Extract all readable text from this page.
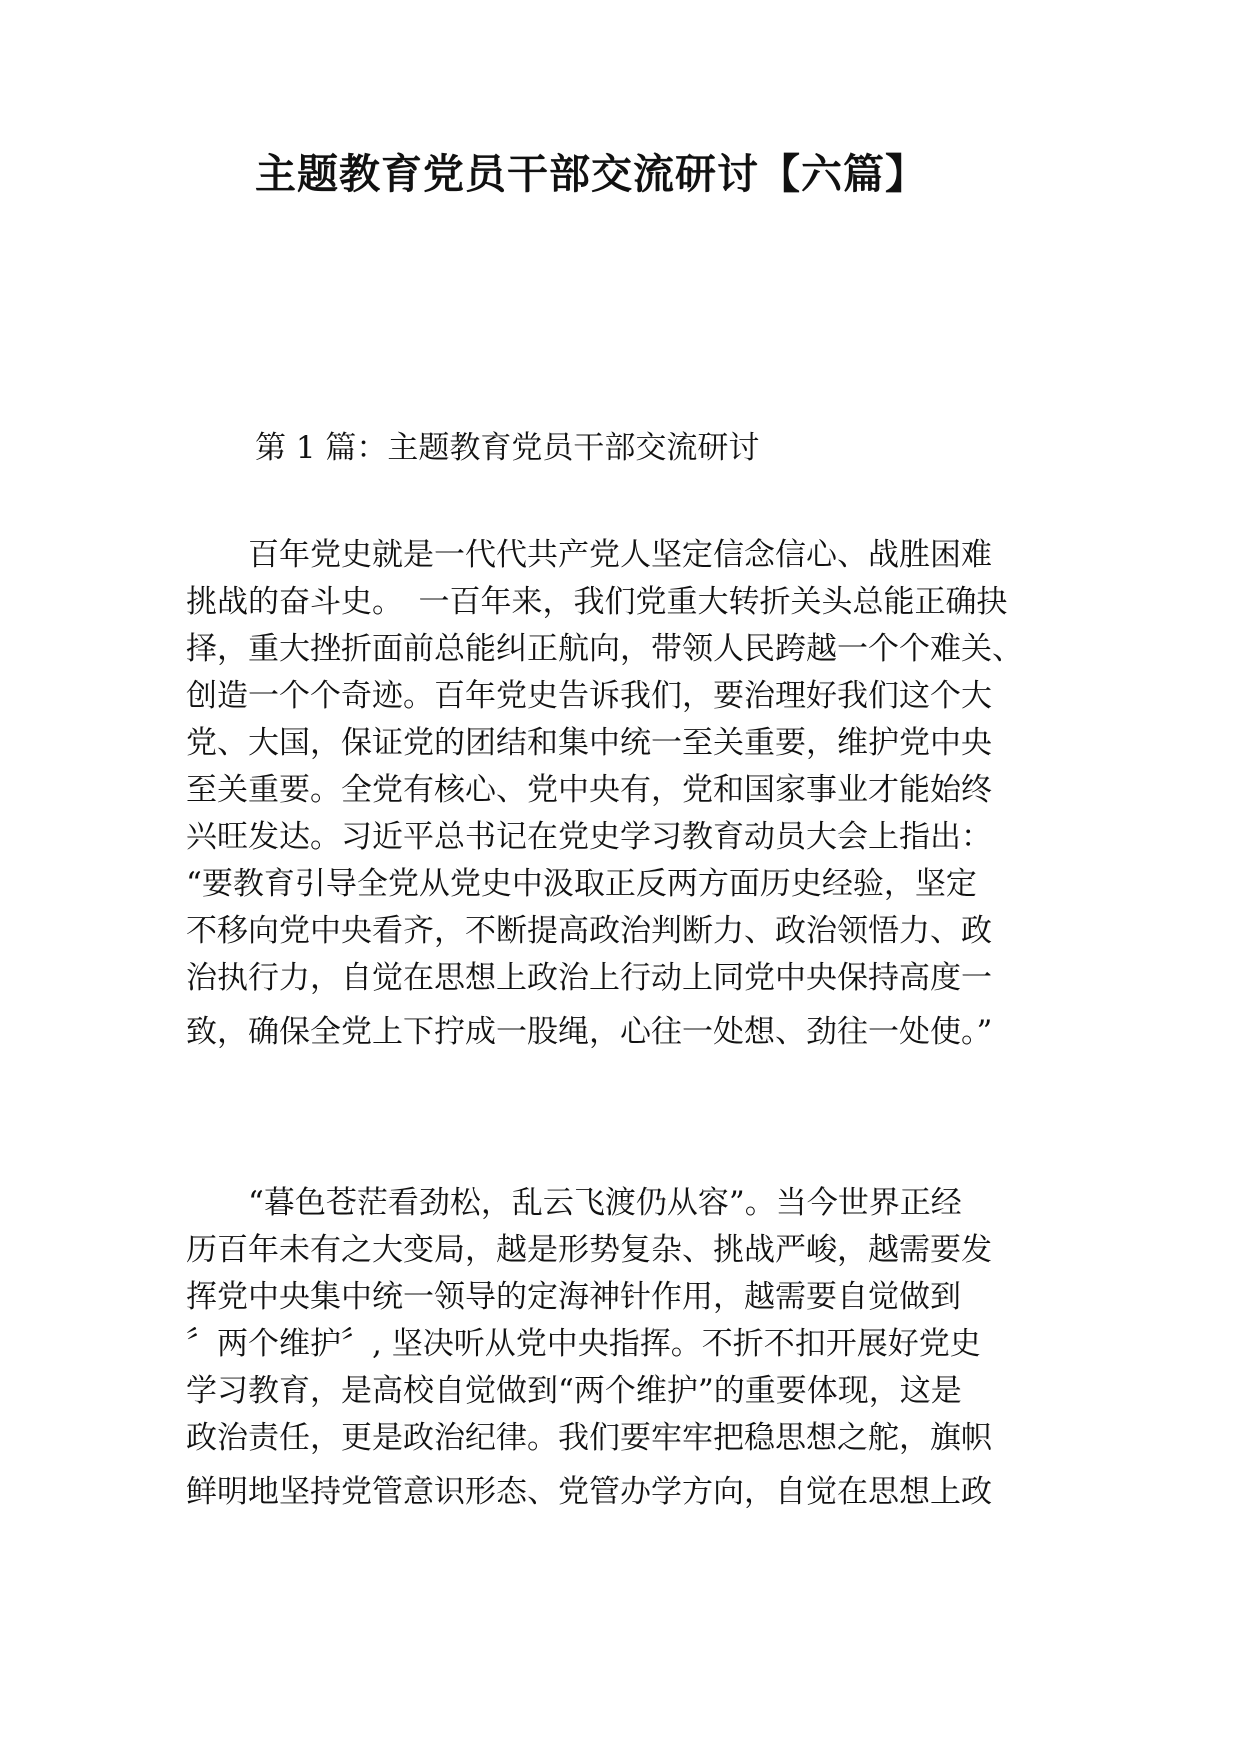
主题教育党员干部交流研讨【六篇】
第 1 篇：主题教育党员干部交流研讨

　　百年党史就是一代代共产党人坚定信念信心、战胜困难

挑战的奋斗史。　一百年来，我们党重大转折关头总能正确抉

择，重大挫折面前总能纠正航向，带领人民跨越一个个难关、

创造一个个奇迹。百年党史告诉我们，要治理好我们这个大

党、大国，保证党的团结和集中统一至关重要，维护党中央

至关重要。全党有核心、党中央有，党和国家事业才能始终

兴旺发达。习近平总书记在党史学习教育动员大会上指出：

“要教育引导全党从党史中汲取正反两方面历史经验，坚定

不移向党中央看齐，不断提高政治判断力、政治领悟力、政

治执行力，自觉在思想上政治上行动上同党中央保持高度一

致，确保全党上下拧成一股绳，心往一处想、劲往一处使。”

　　“暮色苍茫看劲松，乱云飞渡仍从容”。当今世界正经

历百年未有之大变局，越是形势复杂、挑战严峻，越需要发

挥党中央集中统一领导的定海神针作用，越需要自觉做到

〞两个维护〞, 坚决听从党中央指挥。不折不扣开展好党史

学习教育，是高校自觉做到“两个维护”的重要体现，这是

政治责任，更是政治纪律。我们要牢牢把稳思想之舵，旗帜

鲜明地坚持党管意识形态、党管办学方向，自觉在思想上政
